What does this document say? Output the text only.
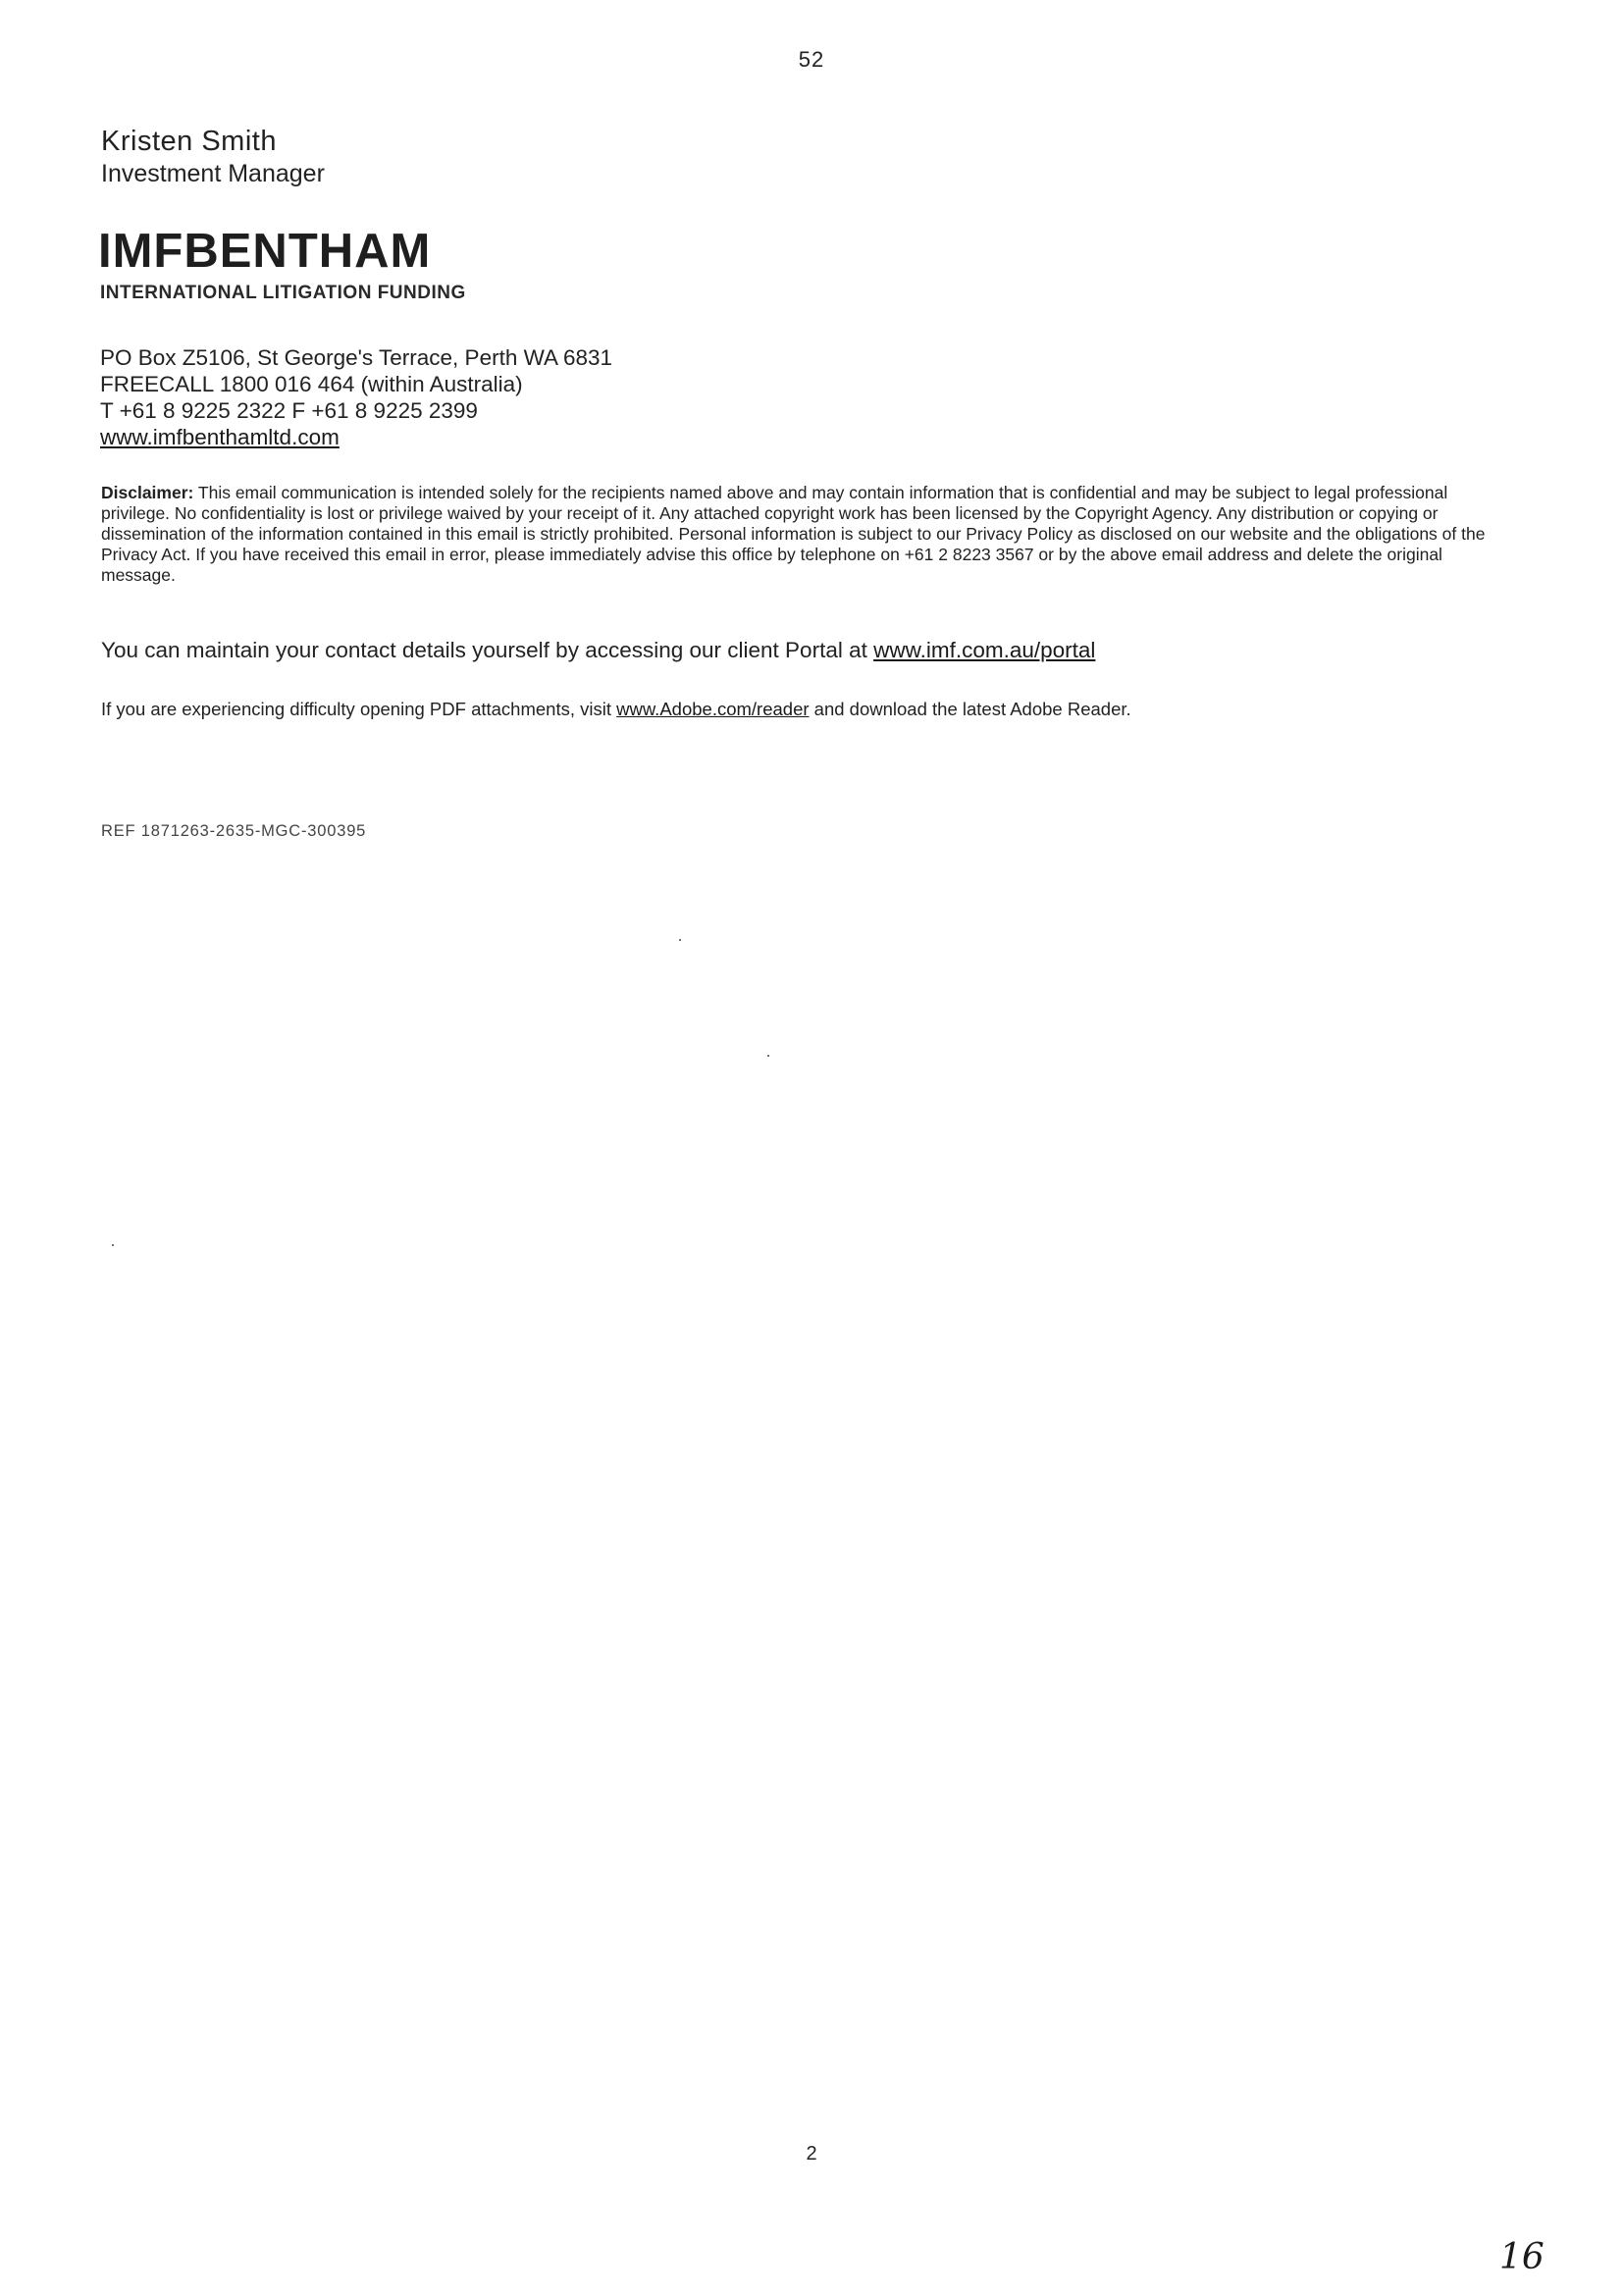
52
Kristen Smith
Investment Manager
IMFBENTHAM
INTERNATIONAL LITIGATION FUNDING
PO Box Z5106, St George's Terrace, Perth WA 6831
FREECALL 1800 016 464 (within Australia)
T +61 8 9225 2322 F +61 8 9225 2399
www.imfbenthamltd.com
Disclaimer: This email communication is intended solely for the recipients named above and may contain information that is confidential and may be subject to legal professional privilege. No confidentiality is lost or privilege waived by your receipt of it. Any attached copyright work has been licensed by the Copyright Agency. Any distribution or copying or dissemination of the information contained in this email is strictly prohibited. Personal information is subject to our Privacy Policy as disclosed on our website and the obligations of the Privacy Act. If you have received this email in error, please immediately advise this office by telephone on +61 2 8223 3567 or by the above email address and delete the original message.
You can maintain your contact details yourself by accessing our client Portal at www.imf.com.au/portal
If you are experiencing difficulty opening PDF attachments, visit www.Adobe.com/reader and download the latest Adobe Reader.
REF 1871263-2635-MGC-300395
2
16
